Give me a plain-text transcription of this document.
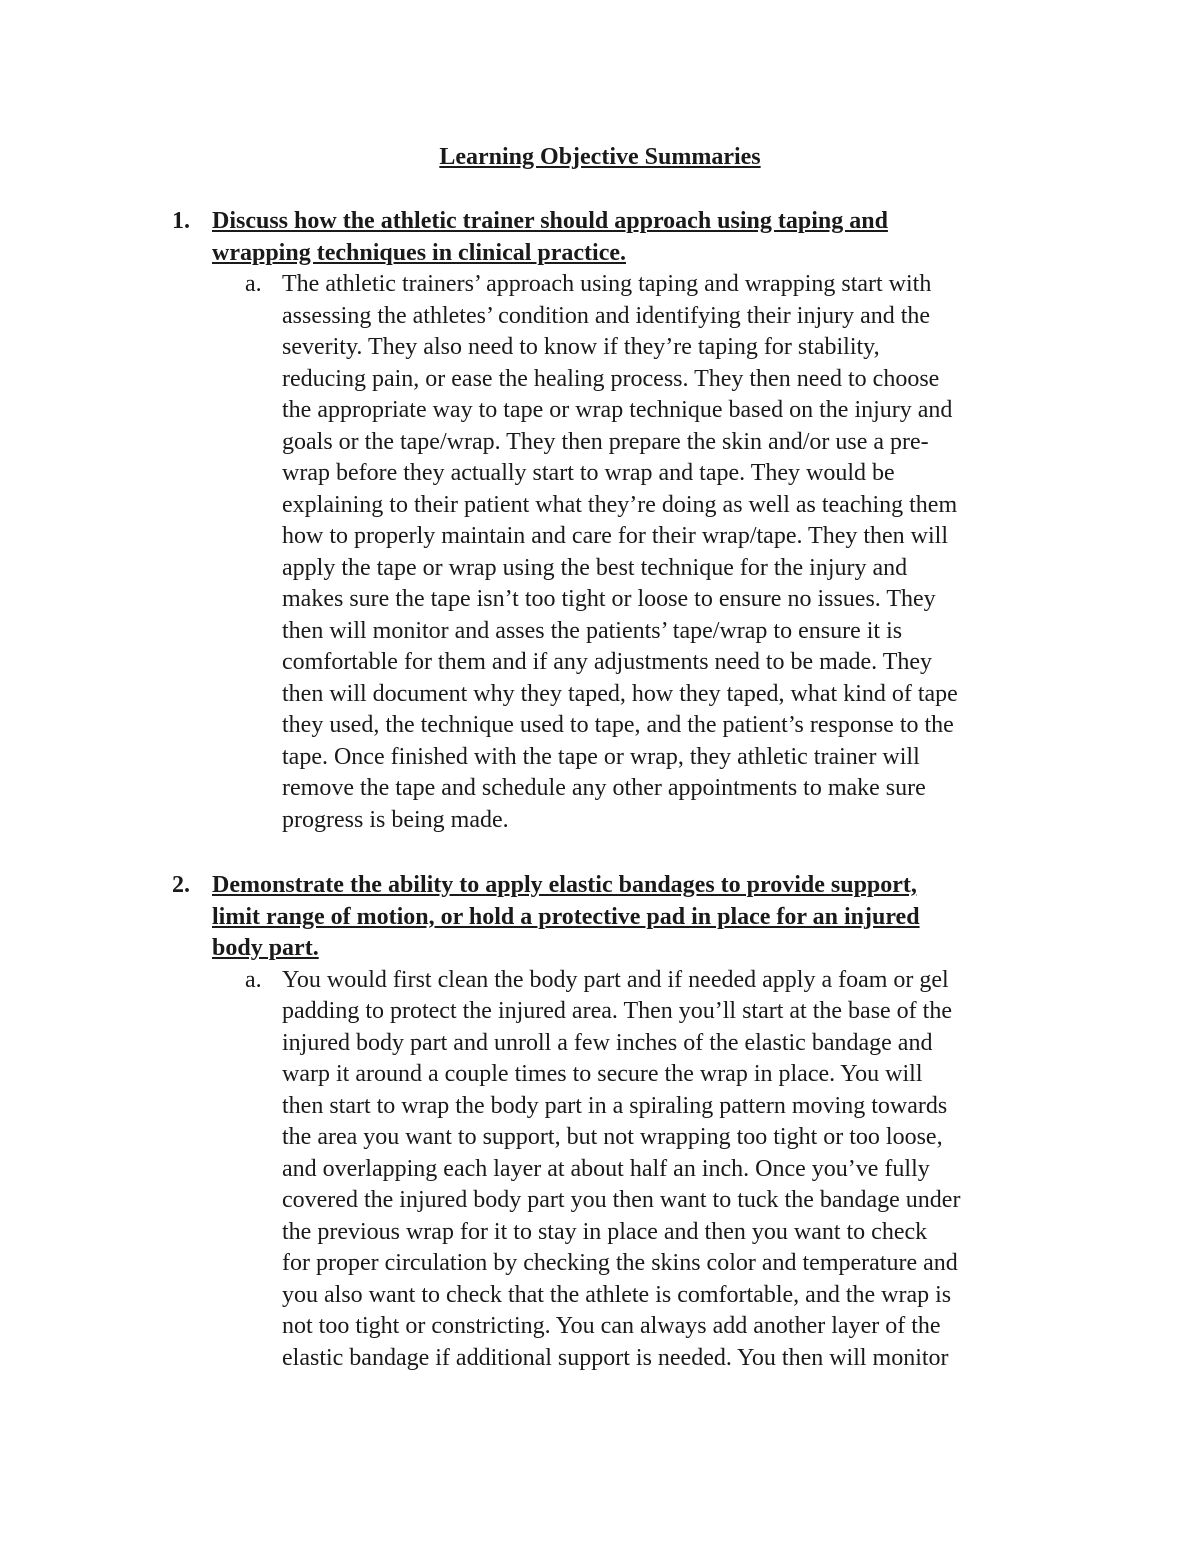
Learning Objective Summaries
1. Discuss how the athletic trainer should approach using taping and
wrapping techniques in clinical practice.
a. The athletic trainers’ approach using taping and wrapping start with
assessing the athletes’ condition and identifying their injury and the
severity. They also need to know if they’re taping for stability,
reducing pain, or ease the healing process. They then need to choose
the appropriate way to tape or wrap technique based on the injury and
goals or the tape/wrap. They then prepare the skin and/or use a pre-
wrap before they actually start to wrap and tape. They would be
explaining to their patient what they’re doing as well as teaching them
how to properly maintain and care for their wrap/tape. They then will
apply the tape or wrap using the best technique for the injury and
makes sure the tape isn’t too tight or loose to ensure no issues. They
then will monitor and asses the patients’ tape/wrap to ensure it is
comfortable for them and if any adjustments need to be made. They
then will document why they taped, how they taped, what kind of tape
they used, the technique used to tape, and the patient’s response to the
tape. Once finished with the tape or wrap, they athletic trainer will
remove the tape and schedule any other appointments to make sure
progress is being made.
2. Demonstrate the ability to apply elastic bandages to provide support,
limit range of motion, or hold a protective pad in place for an injured
body part.
a. You would first clean the body part and if needed apply a foam or gel
padding to protect the injured area. Then you’ll start at the base of the
injured body part and unroll a few inches of the elastic bandage and
warp it around a couple times to secure the wrap in place. You will
then start to wrap the body part in a spiraling pattern moving towards
the area you want to support, but not wrapping too tight or too loose,
and overlapping each layer at about half an inch. Once you’ve fully
covered the injured body part you then want to tuck the bandage under
the previous wrap for it to stay in place and then you want to check
for proper circulation by checking the skins color and temperature and
you also want to check that the athlete is comfortable, and the wrap is
not too tight or constricting. You can always add another layer of the
elastic bandage if additional support is needed. You then will monitor
